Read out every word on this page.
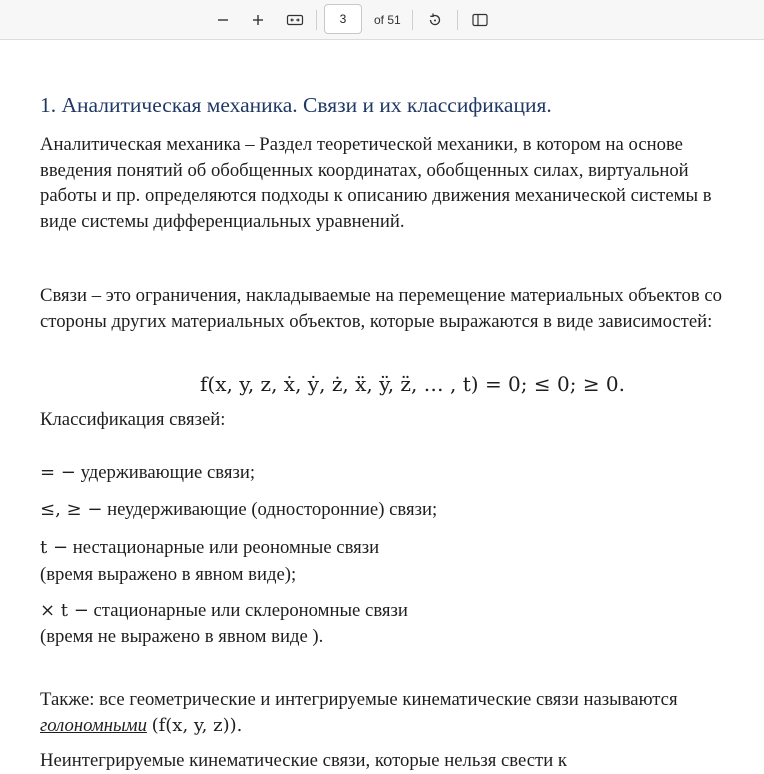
3
of 51
1. Аналитическая механика. Связи и их классификация.

Аналитическая механика – Раздел теоретической механики, в котором на основе введения понятий об обобщенных координатах, обобщенных силах, виртуальной работы и пр. определяются подходы к описанию движения механической системы в виде системы дифференциальных уравнений.

Связи – это ограничения, накладываемые на перемещение материальных объектов со стороны других материальных объектов, которые выражаются в виде зависимостей:

f(x, y, z, ẋ, ẏ, ż, ẍ, ÿ, z̈, … , t) = 0; ≤ 0; ≥ 0.
Классификация связей:
= − удерживающие связи;
≤, ≥ − неудерживающие (односторонние) связи;
t − нестационарные или реономные связи
(время выражено в явном виде);
× t − стационарные или склерономные связи
(время не выражено в явном виде ).

Также: все геометрические и интегрируемые кинематические связи называются голономными (f(x, y, z)).

Неинтегрируемые кинематические связи, которые нельзя свести к
